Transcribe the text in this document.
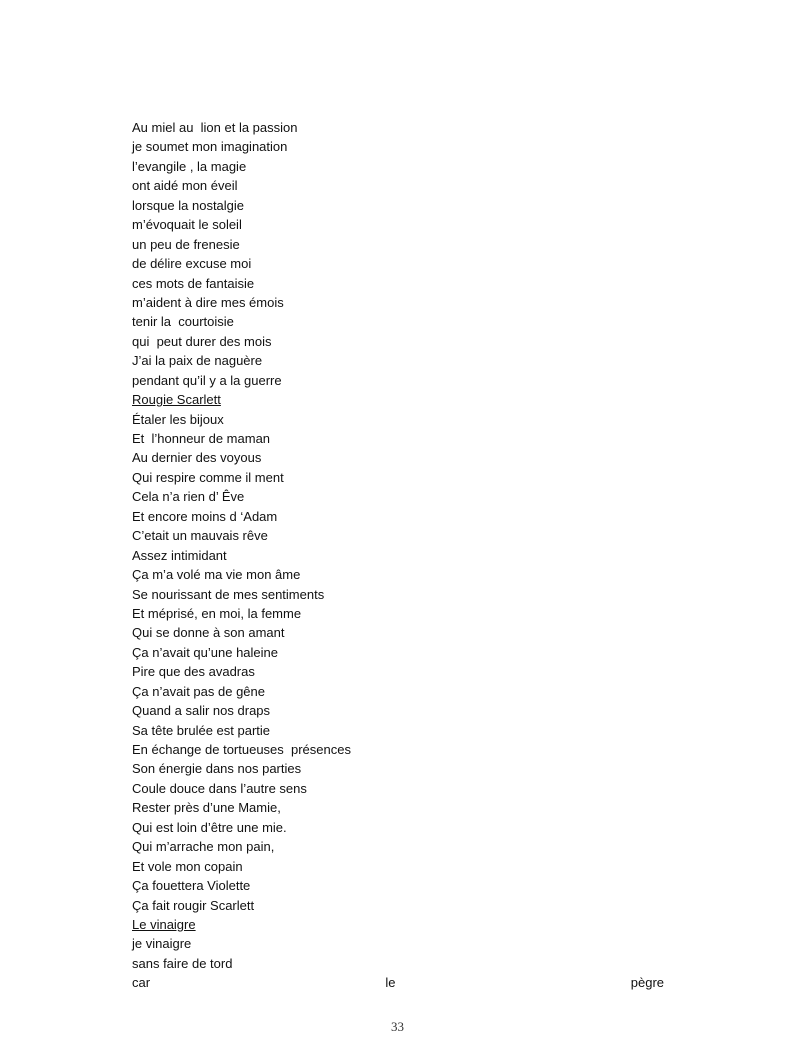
Au miel au  lion et la passion
je soumet mon imagination
l’evangile , la magie
ont aidé mon éveil
lorsque la nostalgie
m’évoquait le soleil
un peu de frenesie
de délire excuse moi
ces mots de fantaisie
m’aident à dire mes émois
tenir la  courtoisie
qui  peut durer des mois
J’ai la paix de naguère
pendant qu’il y a la guerre
Rougie Scarlett
Étaler les bijoux
Et  l’honneur de maman
Au dernier des voyous
Qui respire comme il ment
Cela n’a rien d’ Êve
Et encore moins d ‘Adam
C’etait un mauvais rêve
Assez intimidant
Ça m’a volé ma vie mon âme
Se nourissant de mes sentiments
Et méprisé, en moi, la femme
Qui se donne à son amant
Ça n’avait qu’une haleine
Pire que des avadras
Ça n’avait pas de gêne
Quand a salir nos draps
Sa tête brulée est partie
En échange de tortueuses  présences
Son énergie dans nos parties
Coule douce dans l’autre sens
Rester près d’une Mamie,
Qui est loin d’être une mie.
Qui m’arrache mon pain,
Et vole mon copain
Ça fouettera Violette
Ça fait rougir Scarlett
Le vinaigre
je vinaigre
sans faire de tord
car	le	pègre
33
